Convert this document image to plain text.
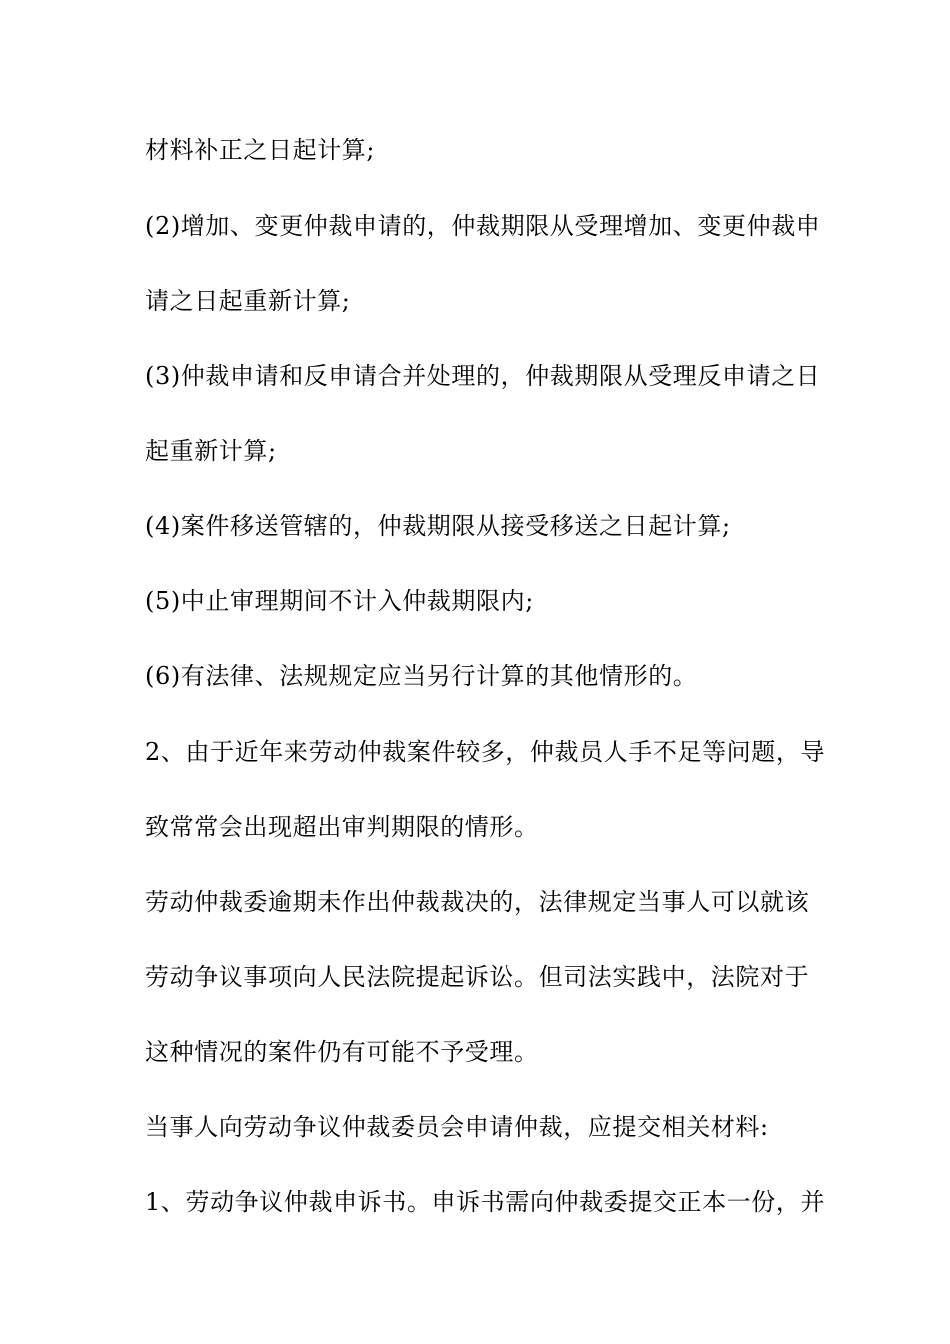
材料补正之日起计算;
(2)增加、变更仲裁申请的，仲裁期限从受理增加、变更仲裁申
请之日起重新计算;
(3)仲裁申请和反申请合并处理的，仲裁期限从受理反申请之日
起重新计算;
(4)案件移送管辖的，仲裁期限从接受移送之日起计算;
(5)中止审理期间不计入仲裁期限内;
(6)有法律、法规规定应当另行计算的其他情形的。
2、由于近年来劳动仲裁案件较多，仲裁员人手不足等问题，导
致常常会出现超出审判期限的情形。
劳动仲裁委逾期未作出仲裁裁决的，法律规定当事人可以就该
劳动争议事项向人民法院提起诉讼。但司法实践中，法院对于
这种情况的案件仍有可能不予受理。
当事人向劳动争议仲裁委员会申请仲裁，应提交相关材料:
1、劳动争议仲裁申诉书。申诉书需向仲裁委提交正本一份，并
